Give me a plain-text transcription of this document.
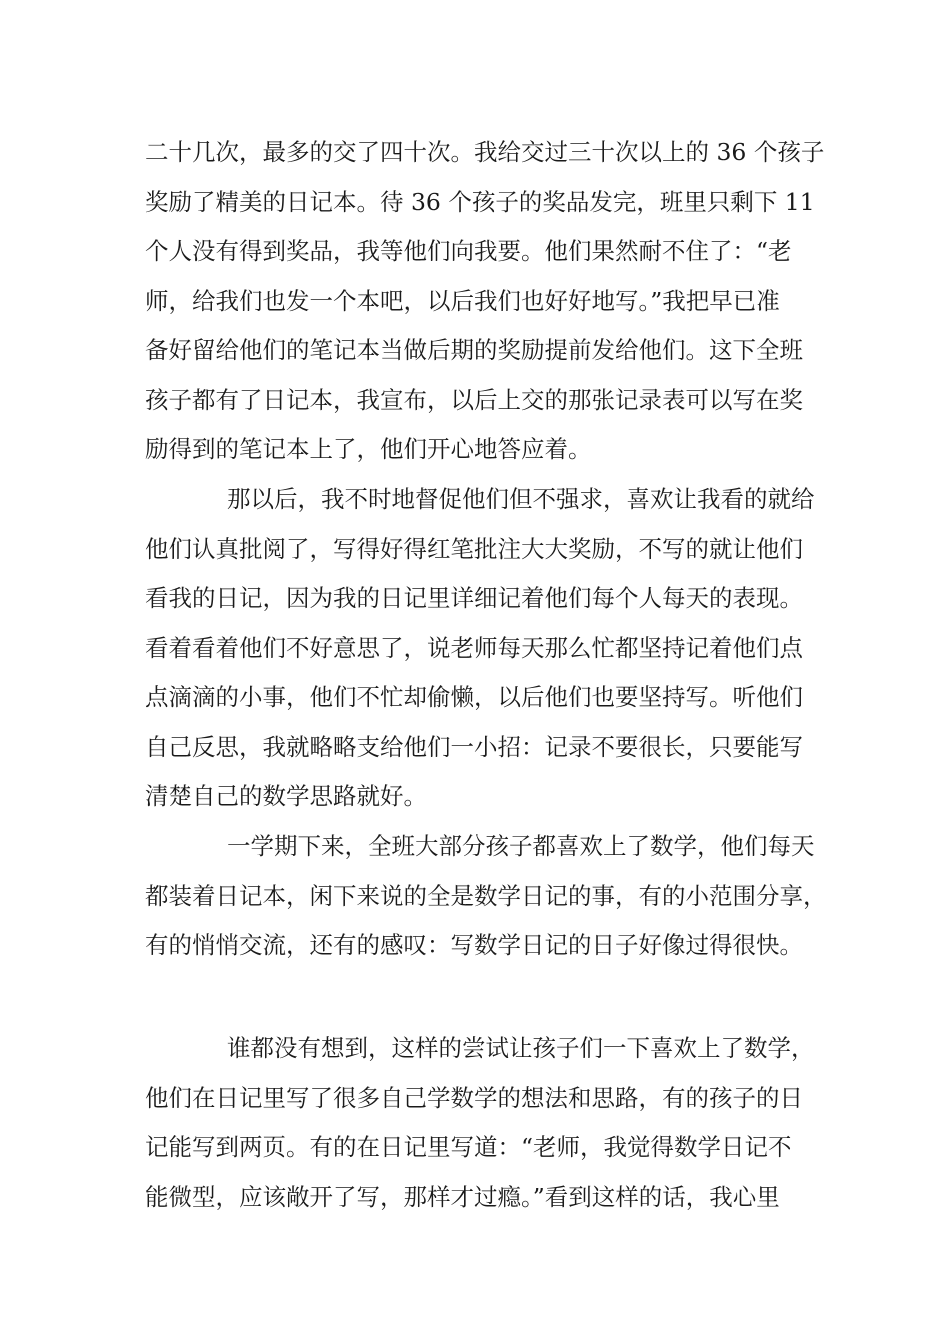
二十几次，最多的交了四十次。我给交过三十次以上的 36 个孩子
奖励了精美的日记本。待 36 个孩子的奖品发完，班里只剩下 11
个人没有得到奖品，我等他们向我要。他们果然耐不住了：“老
师，给我们也发一个本吧，以后我们也好好地写。”我把早已准
备好留给他们的笔记本当做后期的奖励提前发给他们。这下全班
孩子都有了日记本，我宣布，以后上交的那张记录表可以写在奖
励得到的笔记本上了，他们开心地答应着。
那以后，我不时地督促他们但不强求，喜欢让我看的就给
他们认真批阅了，写得好得红笔批注大大奖励，不写的就让他们
看我的日记，因为我的日记里详细记着他们每个人每天的表现。
看着看着他们不好意思了，说老师每天那么忙都坚持记着他们点
点滴滴的小事，他们不忙却偷懒，以后他们也要坚持写。听他们
自己反思，我就略略支给他们一小招：记录不要很长，只要能写
清楚自己的数学思路就好。
一学期下来，全班大部分孩子都喜欢上了数学，他们每天
都装着日记本，闲下来说的全是数学日记的事，有的小范围分享，
有的悄悄交流，还有的感叹：写数学日记的日子好像过得很快。
谁都没有想到，这样的尝试让孩子们一下喜欢上了数学，
他们在日记里写了很多自己学数学的想法和思路，有的孩子的日
记能写到两页。有的在日记里写道：“老师，我觉得数学日记不
能微型，应该敞开了写，那样才过瘾。”看到这样的话，我心里
